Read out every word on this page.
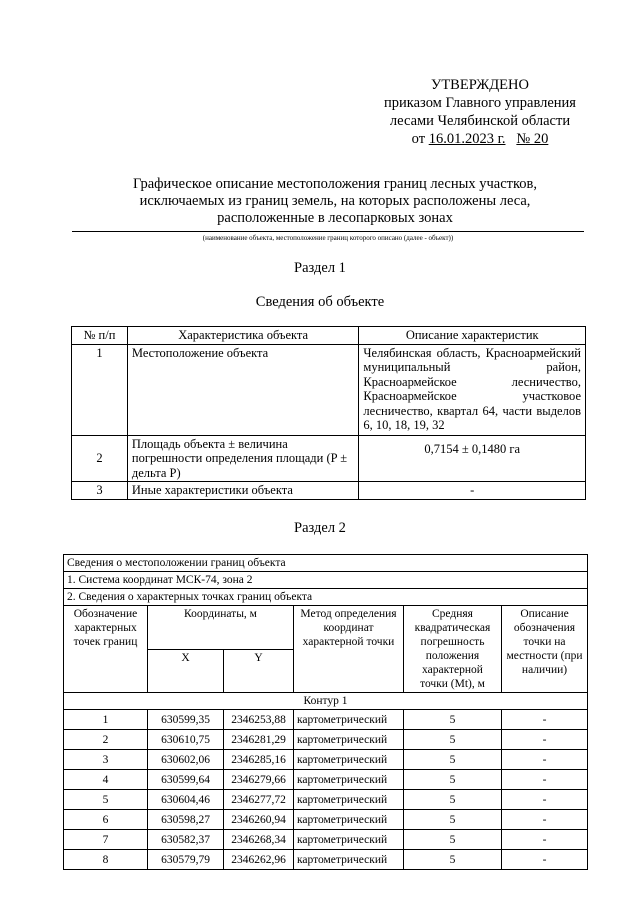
УТВЕРЖДЕНО
приказом Главного управления
лесами Челябинской области
от 16.01.2023 г. № 20
Графическое описание местоположения границ лесных участков,
исключаемых из границ земель, на которых расположены леса,
расположенные в лесопарковых зонах
(наименование объекта, местоположение границ которого описано (далее - объект))
Раздел 1
Сведения об объекте
№ п/п	Характеристика объекта	Описание характеристик
1	Местоположение объекта	Челябинская область, Красноармейский муниципальный район, Красноармейское лесничество, Красноармейское участковое лесничество, квартал 64, части выделов 6, 10, 18, 19, 32
2	Площадь объекта ± величина погрешности определения площади (P ± дельта P)	0,7154 ± 0,1480 га
3	Иные характеристики объекта	-
Раздел 2
Сведения о местоположении границ объекта					
1. Система координат МСК-74, зона 2					
2. Сведения о характерных точках границ объекта					
Обозначение характерных точек границ	Координаты, м		Метод определения координат характерной точки	Средняя квадратическая погрешность положения характерной точки (Mt), м	Описание обозначения точки на местности (при наличии)
	X	Y			
Контур 1					
1	630599,35	2346253,88	картометрический	5	-
2	630610,75	2346281,29	картометрический	5	-
3	630602,06	2346285,16	картометрический	5	-
4	630599,64	2346279,66	картометрический	5	-
5	630604,46	2346277,72	картометрический	5	-
6	630598,27	2346260,94	картометрический	5	-
7	630582,37	2346268,34	картометрический	5	-
8	630579,79	2346262,96	картометрический	5	-
